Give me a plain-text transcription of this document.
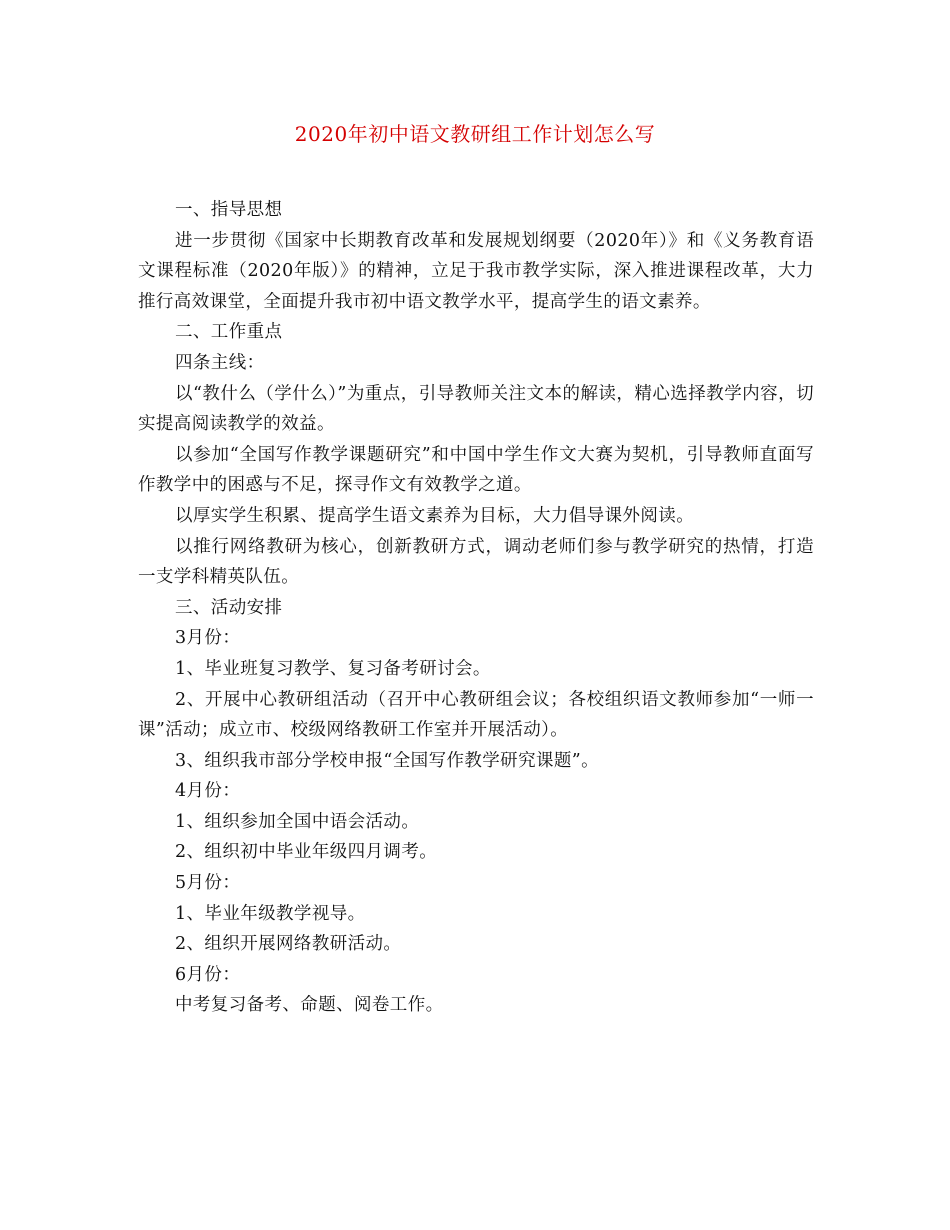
2020年初中语文教研组工作计划怎么写

一、指导思想

进一步贯彻《国家中长期教育改革和发展规划纲要（2020年）》和《义务教育语文课程标准（2020年版）》的精神，立足于我市教学实际，深入推进课程改革，大力推行高效课堂，全面提升我市初中语文教学水平，提高学生的语文素养。

二、工作重点

四条主线：

以“教什么（学什么）”为重点，引导教师关注文本的解读，精心选择教学内容，切实提高阅读教学的效益。

以参加“全国写作教学课题研究”和中国中学生作文大赛为契机，引导教师直面写作教学中的困惑与不足，探寻作文有效教学之道。

以厚实学生积累、提高学生语文素养为目标，大力倡导课外阅读。

以推行网络教研为核心，创新教研方式，调动老师们参与教学研究的热情，打造一支学科精英队伍。

三、活动安排

3月份：

1、毕业班复习教学、复习备考研讨会。

2、开展中心教研组活动（召开中心教研组会议；各校组织语文教师参加“一师一课”活动；成立市、校级网络教研工作室并开展活动）。

3、组织我市部分学校申报“全国写作教学研究课题”。

4月份：

1、组织参加全国中语会活动。

2、组织初中毕业年级四月调考。

5月份：

1、毕业年级教学视导。

2、组织开展网络教研活动。

6月份：

中考复习备考、命题、阅卷工作。
